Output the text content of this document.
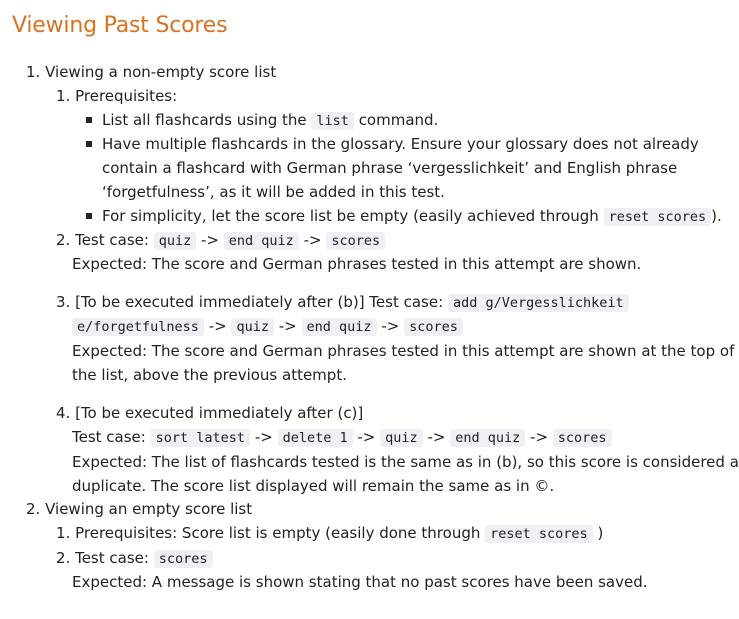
Viewing Past Scores
1. Viewing a non-empty score list
1. Prerequisites:
List all flashcards using the list command.
Have multiple flashcards in the glossary. Ensure your glossary does not already
contain a flashcard with German phrase ‘vergesslichkeit’ and English phrase
‘forgetfulness’, as it will be added in this test.
For simplicity, let the score list be empty (easily achieved through reset scores ).
2. Test case: quiz -> end quiz -> scores
Expected: The score and German phrases tested in this attempt are shown.
3. [To be executed immediately after (b)] Test case: add g/Vergesslichkeit
e/forgetfulness -> quiz -> end quiz -> scores
Expected: The score and German phrases tested in this attempt are shown at the top of
the list, above the previous attempt.
4. [To be executed immediately after (c)]
Test case: sort latest -> delete 1 -> quiz -> end quiz -> scores
Expected: The list of flashcards tested is the same as in (b), so this score is considered a
duplicate. The score list displayed will remain the same as in ©.
2. Viewing an empty score list
1. Prerequisites: Score list is empty (easily done through reset scores )
2. Test case: scores
Expected: A message is shown stating that no past scores have been saved.
